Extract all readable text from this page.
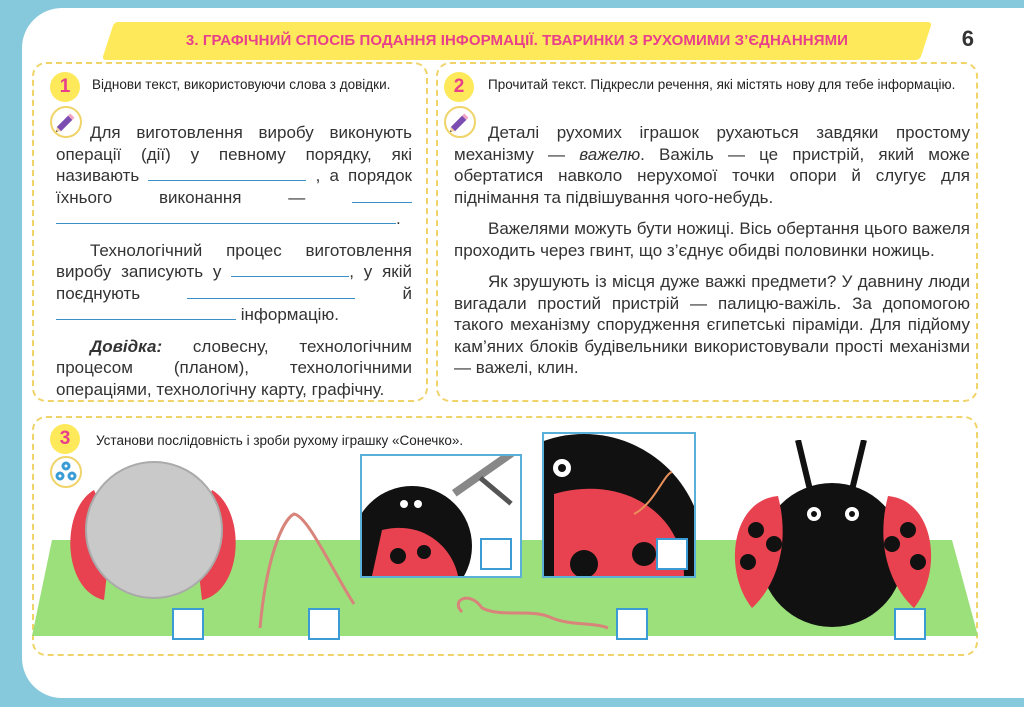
3. ГРАФІЧНИЙ СПОСІБ ПОДАННЯ ІНФОРМАЦІЇ. ТВАРИНКИ З РУХОМИМИ З’ЄДНАННЯМИ	6
1	Віднови текст, використовуючи слова з довідки.

Для виготовлення виробу виконують операції (дії) у певному порядку, які називають	, а порядок їхнього виконання —  .

Технологічний процес виготовлення виробу записують у	, у якій поєднують	й  інформацію.

Довідка: словесну, технологічним процесом (планом), технологічними операціями, технологічну карту, графічну.

2	Прочитай текст. Підкресли речення, які містять нову для тебе інформацію.

Деталі рухомих іграшок рухаються завдяки простому механізму — важелю. Важіль — це пристрій, який може обертатися навколо нерухомої точки опори й слугує для піднімання та підвішування чого-небудь.

Важелями можуть бути ножиці. Вісь обертання цього важеля проходить через гвинт, що з’єднує обидві половинки ножиць.

Як зрушують із місця дуже важкі предмети? У давнину люди вигадали простий пристрій — палицю-важіль. За допомогою такого механізму спорудження єгипетські піраміди. Для підйому кам’яних блоків будівельники використовували прості механізми — важелі, клин.

3	Установи послідовність і зроби рухому іграшку «Сонечко».
